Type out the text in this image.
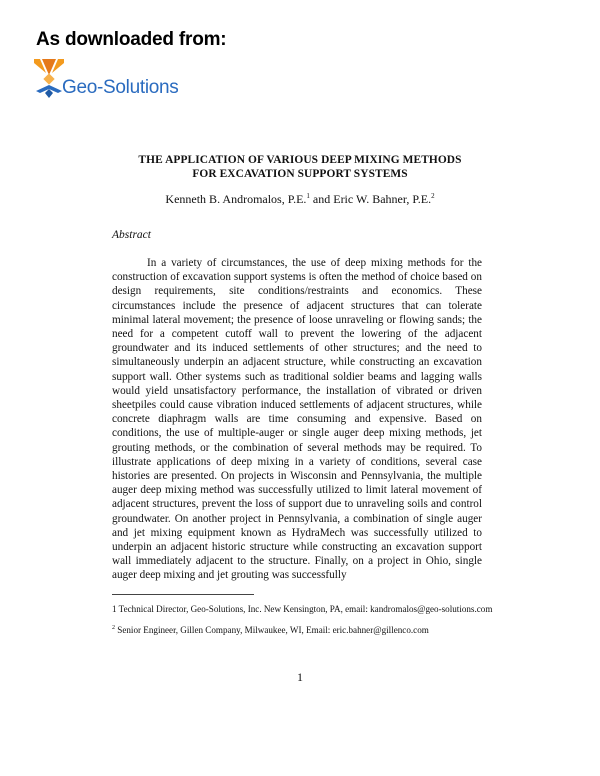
As downloaded from:
Geo-Solutions
THE APPLICATION OF VARIOUS DEEP MIXING METHODS
FOR EXCAVATION SUPPORT SYSTEMS
Kenneth B. Andromalos, P.E.$^1$ and Eric W. Bahner, P.E.$^2$
Abstract

In a variety of circumstances, the use of deep mixing methods for the construction of excavation support systems is often the method of choice based on design requirements, site conditions/restraints and economics. These circumstances include the presence of adjacent structures that can tolerate minimal lateral movement; the presence of loose unraveling or flowing sands; the need for a competent cutoff wall to prevent the lowering of the adjacent groundwater and its induced settlements of other structures; and the need to simultaneously underpin an adjacent structure, while constructing an excavation support wall. Other systems such as traditional soldier beams and lagging walls would yield unsatisfactory performance, the installation of vibrated or driven sheetpiles could cause vibration induced settlements of adjacent structures, while concrete diaphragm walls are time consuming and expensive. Based on conditions, the use of multiple-auger or single auger deep mixing methods, jet grouting methods, or the combination of several methods may be required. To illustrate applications of deep mixing in a variety of conditions, several case histories are presented. On projects in Wisconsin and Pennsylvania, the multiple auger deep mixing method was successfully utilized to limit lateral movement of adjacent structures, prevent the loss of support due to unraveling soils and control groundwater. On another project in Pennsylvania, a combination of single auger and jet mixing equipment known as HydraMech was successfully utilized to underpin an adjacent historic structure while constructing an excavation support wall immediately adjacent to the structure. Finally, on a project in Ohio, single auger deep mixing and jet grouting was successfully

1 Technical Director, Geo-Solutions, Inc. New Kensington, PA, email: kandromalos@geo-solutions.com
$^2$ Senior Engineer, Gillen Company, Milwaukee, WI, Email: eric.bahner@gillenco.com
1
